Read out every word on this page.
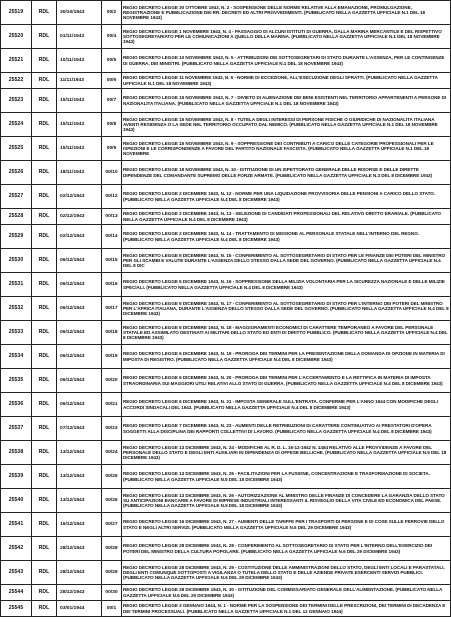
25519	RDL	30/10/1943	00/2	REGIO DECRETO LEGGE 30 OTTOBRE 1943, N. 2 - SOSPENSIONE DELLE NORME RELATIVE ALLA EMANAZIONE, PROMULGAZIONE, REGISTRAZIONE E PUBBLICAZIONE DEI RR. DECRETI ED ALTRI PROVVEDIMENTI. (PUBBLICATO NELLA GAZZETTA UFFICIALE N.1 DEL 18 NOVEMBRE 1943)
25520	RDL	01/11/1943	00/4	REGIO DECRETO LEGGE 1 NOVEMBRE 1943, N. 4 - PASSAGGIO DI ALCUNI ISTITUTI DI GUERRA, DALLA MARINA MERCANTILE E DEL RISPETTIVO SOTTOSEGRETARIATO PER LE COMUNICAZIONI A QUELLO DELLA MARINA. (PUBBLICATO NELLA GAZZETTA UFFICIALE N.1 DEL 18 NOVEMBRE 1943)
25521	RDL	10/11/1943	00/5	REGIO DECRETO LEGGE 10 NOVEMBRE 1943, N. 5 - ATTRIBUZIONI DEI SOTTOSEGRETARI DI STATO DURANTE L'ASSENZA, PER LE CONTINGENZE DI GUERRA, DEI MINISTRI. (PUBBLICATO NELLA GAZZETTA UFFICIALE N.1 DEL 18 NOVEMBRE 1943)
25522	RDL	11/11/1943	00/6	REGIO DECRETO LEGGE 11 NOVEMBRE 1943, N. 6 - NORME DI ECCEZIONE, ALL'ESECUZIONE DEGLI SFRATTI. (PUBBLICATO NELLA GAZZETTA UFFICIALE N.1 DEL 18 NOVEMBRE 1943)
25523	RDL	15/11/1943	00/7	REGIO DECRETO LEGGE 15 NOVEMBRE 1943, N. 7 - DIVIETO DI ALIENAZIONE DEI BENI ESISTENTI NEL TERRITORIO APPARTENENTI A PERSONE DI NAZIONALITA ITALIANA. (PUBBLICATO NELLA GAZZETTA UFFICIALE N.1 DEL 18 NOVEMBRE 1943)
25524	RDL	15/11/1943	00/8	REGIO DECRETO LEGGE 15 NOVEMBRE 1943, N. 8 - TUTELA DEGLI INTERESSI DI PERSONE FISICHE O GIURIDICHE DI NAZIONALITA ITALIANA AVENTI RESIDENZA O LA SEDE NEL TERRITORIO OCCUPATO DAL NEMICO. (PUBBLICATO NELLA GAZZETTA UFFICIALE N.1 DEL 18 NOVEMBRE 1943)
25525	RDL	15/11/1943	00/9	REGIO DECRETO LEGGE 15 NOVEMBRE 1943, N. 9 - SOPPRESSIONE DEI CONTRIBUTI A CARICO DELLE CATEGORIE PROFESSIONALI PER LE ISPEZIONI E LE CORRISPONDENZE A FAVORE DEL PARTITO NAZIONALE FASCISTA. (PUBBLICATO NELLA GAZZETTA UFFICIALE N.1 DEL 18 NOVEMBRE
25526	RDL	18/11/1943	00/10	REGIO DECRETO LEGGE 18 NOVEMBRE 1943, N. 10 - ISTITUZIONE DI UN ISPETTORATO GENERALE DELLE RISORSE E DELLE DIRETTE DIPENDENZE DEL COMANDANTE SUPREMO DELLE FORZE ARMATE. (PUBBLICATO NELLA GAZZETTA UFFICIALE N.3 DEL 8 DICEMBRE 1943)
25527	RDL	02/12/1943	00/12	REGIO DECRETO LEGGE 2 DICEMBRE 1943, N. 12 - NORME PER UNA LIQUIDAZIONE PROVVISORIA DELLE PENSIONI A CARICO DELLO STATO. (PUBBLICATO NELLA GAZZETTA UFFICIALE N.4 DEL 8 DICEMBRE 1943)
25528	RDL	02/12/1943	00/13	REGIO DECRETO LEGGE 2 DICEMBRE 1943, N. 13 - SELEZIONE DI CANDIDATI PROFESSIONALI DEL RELATIVO DIRITTO ERARIALE. (PUBBLICATO NELLA GAZZETTA UFFICIALE N.4 DEL 8 DICEMBRE 1943)
25529	RDL	02/12/1943	00/14	REGIO DECRETO LEGGE 2 DICEMBRE 1943, N. 14 - TRATTAMENTO DI MISSIONE AL PERSONALE STATALE NELL'INTERNO DEL REGNO. (PUBBLICATO NELLA GAZZETTA UFFICIALE N.4 DEL 8 DICEMBRE 1943)
25530	RDL	06/12/1943	00/15	REGIO DECRETO LEGGE 6 DICEMBRE 1943, N. 15 - CONFERIMENTO AL SOTTOSEGRETARIO DI STATO PER LE FINANZE DEI POTERI DEL MINISTRO PER GLI SCAMBI E VALUTE DURANTE L'ASSENZA DELLO STESSO DALLA SEDE DEL GOVERNO. (PUBBLICATO NELLA GAZZETTA UFFICIALE N.4 DEL 8 DIC
25531	RDL	06/12/1943	00/16	REGIO DECRETO LEGGE 6 DICEMBRE 1943, N. 16 - SOPPRESSIONE DELLA MILIZIA VOLONTARIA PER LA SICUREZZA NAZIONALE E DELLE MILIZIE SPECIALI. (PUBBLICATO NELLA GAZZETTA UFFICIALE N.4 DEL 8 DICEMBRE 1943)
25532	RDL	06/12/1943	00/17	REGIO DECRETO LEGGE 6 DICEMBRE 1943, N. 17 - CONFERIMENTO AL SOTTOSEGRETARIO DI STATO PER L'INTERNO DEI POTERI DEL MINISTRO PER L'AFRICA ITALIANA, DURANTE L'ASSENZA DELLO STESSO DALLA SEDE DEL GOVERNO. (PUBBLICATO NELLA GAZZETTA UFFICIALE N.4 DEL 8 DICEMBRE 1943)
25533	RDL	06/12/1943	00/18	REGIO DECRETO LEGGE 6 DICEMBRE 1943, N. 18 - MAGGIORAMENTI ECONOMICI DI CARATTERE TEMPORANEO A FAVORE DEL PERSONALE STATALE ED ASSIMILATO DESTINATI AI MILITARI DELLO STATO ED ENTI DI DIRITTO PUBBLICO. (PUBBLICATO NELLA GAZZETTA UFFICIALE N.4 DEL 8 DICEMBRE 1943)
25534	RDL	06/12/1943	00/19	REGIO DECRETO LEGGE 6 DICEMBRE 1943, N. 19 - PROROGA DEI TERMINI PER LA PRESENTAZIONE DELLA DOMANDA DI OPZIONE IN MATERIA DI IMPOSTA DI REGISTRO. (PUBBLICATO NELLA GAZZETTA UFFICIALE N.4 DEL 8 DICEMBRE 1943)
25535	RDL	06/12/1943	00/20	REGIO DECRETO LEGGE 6 DICEMBRE 1943, N. 20 - PROROGA DEI TERMINI PER L'ACCERTAMENTO E LA RETTIFICA IN MATERIA DI IMPOSTA STRAORDINARIA SUI MAGGIORI UTILI RELATIVI ALLO STATO DI GUERRA. (PUBBLICATO NELLA GAZZETTA UFFICIALE N.4 DEL 8 DICEMBRE 1943)
25536	RDL	06/12/1943	00/21	REGIO DECRETO LEGGE 6 DICEMBRE 1943, N. 21 - IMPOSTA GENERALE SULL'ENTRATA. CONFERME PER L'ANNO 1944 CON MODIFICHE DEGLI ACCORDI SINDACALI DEL 1943. (PUBBLICATO NELLA GAZZETTA UFFICIALE N.4 DEL 8 DICEMBRE 1943)
25537	RDL	07/12/1943	00/23	REGIO DECRETO LEGGE 7 DICEMBRE 1943, N. 23 - AUMENTI DELLE RETRIBUZIONI DI CARATTERE CONTINUATIVO AI PRESTATORI D'OPERA SOGGETTI ALLA DISCIPLINA DEI RAPPORTI COLLETTIVI DI LAVORO. (PUBBLICATO NELLA GAZZETTA UFFICIALE N.4 DEL 8 DICEMBRE 1943)
25538	RDL	13/12/1943	00/24	REGIO DECRETO LEGGE 13 DICEMBRE 1943, N. 24 - MODIFICHE AL R. D. L. 16-12-1942 N. 1484 RELATIVO ALLE PROVVIDENZE A FAVORE DEL PERSONALE DELLO STATO E DEGLI ENTI AUSILIARI IN DIPENDENZA DI OFFESE BELLICHE. (PUBBLICATO NELLA GAZZETTA UFFICIALE N.5 DEL 18 DICEMBRE 1943)
25539	RDL	13/12/1943	00/25	REGIO DECRETO LEGGE 13 DICEMBRE 1943, N. 25 - FACILITAZIONI PER LA FUSIONE, CONCENTRAZIONE E TRASFORMAZIONE DI SOCIETA. (PUBBLICATO NELLA GAZZETTA UFFICIALE N.5 DEL 18 DICEMBRE 1943)
25540	RDL	13/12/1943	00/26	REGIO DECRETO LEGGE 13 DICEMBRE 1943, N. 26 - AUTORIZZAZIONE AL MINISTRO DELLE FINANZE DI CONCEDERE LA GARANZIA DELLO STATO SU ANTICIPAZIONI BANCARIE A FAVORE DI IMPRESE INDUSTRIALI INTERESSANTI IL RISVEGLIO DELLA VITA CIVILE ED ECONOMICA DEL PAESE. (PUBBLICATO NELLA GAZZETTA UFFICIALE N.5 DEL 18 DICEMBRE 1943)
25541	RDL	16/12/1943	00/27	REGIO DECRETO LEGGE 16 DICEMBRE 1943, N. 27 - AUMENTI DELLE TARIFFE PER I TRASPORTI DI PERSONE E DI COSE SULLE FERROVIE DELLO STATO E NEGLI ALTRI SERVIZI. (PUBBLICATO NELLA GAZZETTA UFFICIALE N.6 DEL 29 DICEMBRE 1943)
25542	RDL	28/12/1943	00/28	REGIO DECRETO LEGGE 28 DICEMBRE 1943, N. 28 - CONFERIMENTO AL SOTTOSEGRETARIO DI STATO PER L'INTERNO DELL'ESERCIZIO DEI POTERI DEL MINISTRO DELLA CULTURA POPOLARE. (PUBBLICATO NELLA GAZZETTA UFFICIALE N.6 DEL 29 DICEMBRE 1943)
25543	RDL	28/12/1943	00/29	REGIO DECRETO LEGGE 28 DICEMBRE 1943, N. 29 - COSTITUZIONE DELLE AMMINISTRAZIONI DELLO STATO, DEGLI ENTI LOCALI E PARASTATALI, DEGLI ENTI COMUNQUE SOTTOPOSTI A VIGILANZA O TUTELA DELLO STATO E DELLE AZIENDE PRIVATE ESERCENTI SERVIZI PUBBLICI. (PUBBLICATO NELLA GAZZETTA UFFICIALE N.6 DEL 29 DICEMBRE 1943)
25544	RDL	28/12/1943	00/30	REGIO DECRETO LEGGE 28 DICEMBRE 1943, N. 30 - ISTITUZIONE DEL COMMISSARIATO GENERALE DELL'ALIMENTAZIONE. (PUBBLICATO NELLA GAZZETTA UFFICIALE N.6 DEL 29 DICEMBRE 1943)
25545	RDL	03/01/1944	00/1	REGIO DECRETO LEGGE 3 GENNAIO 1944, N. 1 - NORME PER LA SOSPENSIONE DEI TERMINI DELLE PRESCRIZIONI, DEI TERMINI DI DECADENZA E DEI TERMINI PROCESSUALI. (PUBBLICATO NELLA GAZZETTA UFFICIALE N.1 DEL 12 GENNAIO 1944)
